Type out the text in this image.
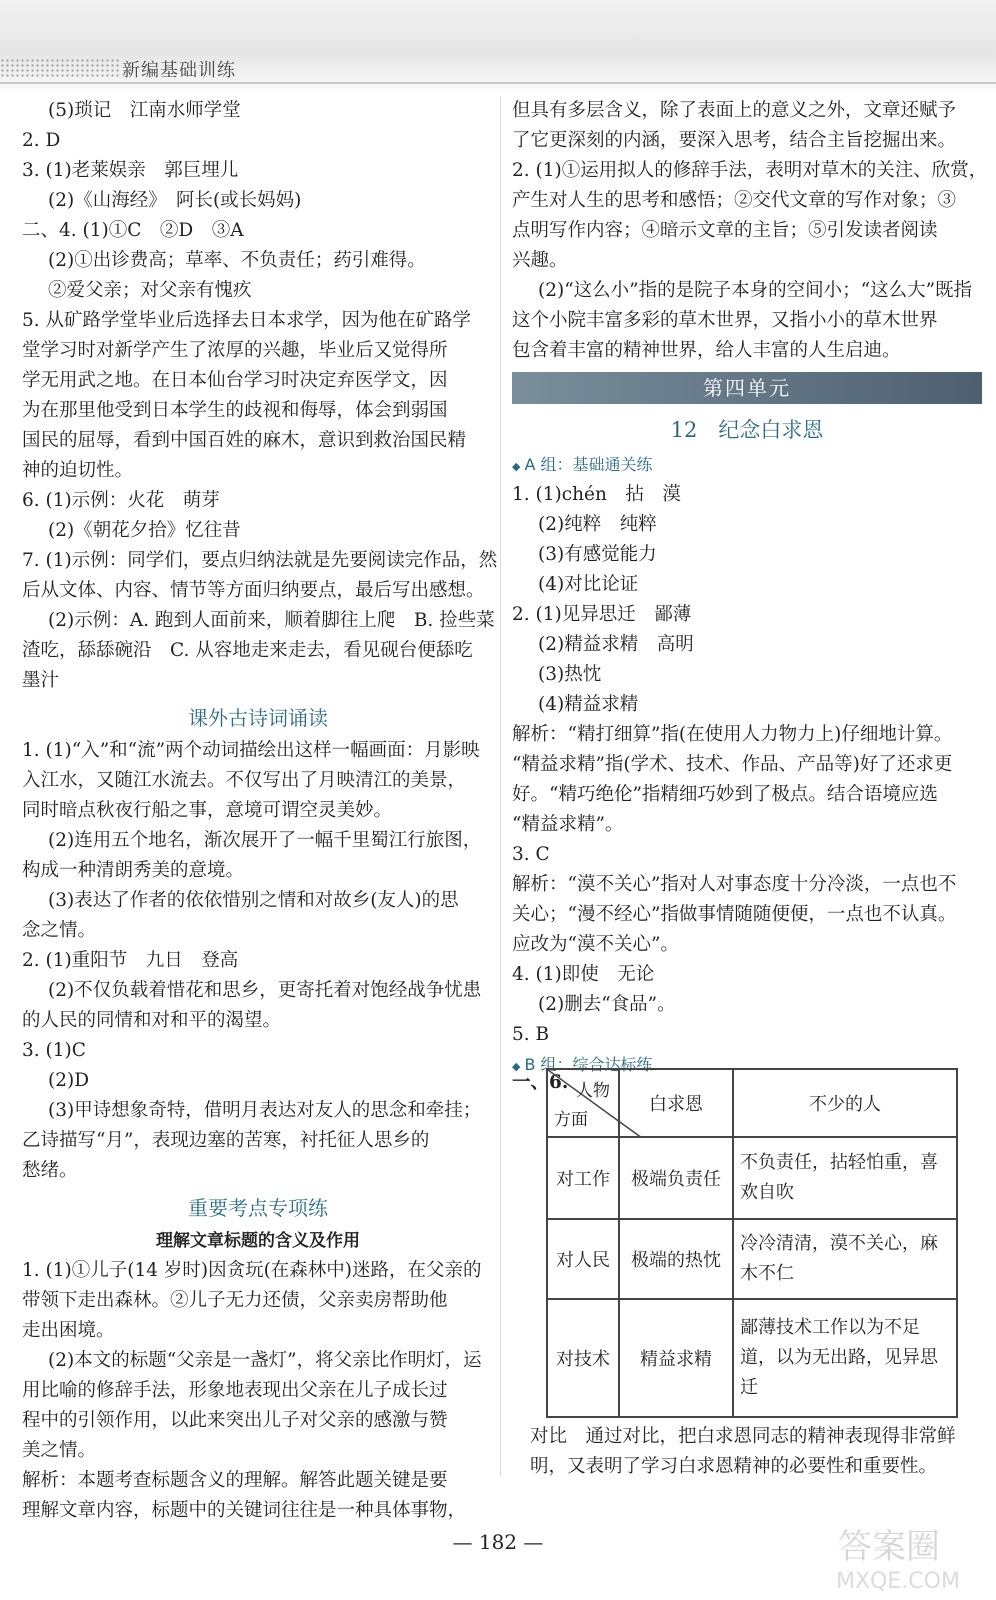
新编基础训练
(5)琐记　江南水师学堂
2. D
3. (1)老莱娱亲　郭巨埋儿
(2)《山海经》　阿长(或长妈妈)
二、4. (1)①C　②D　③A
(2)①出诊费高；草率、不负责任；药引难得。
②爱父亲；对父亲有愧疚
5. 从矿路学堂毕业后选择去日本求学，因为他在矿路学
堂学习时对新学产生了浓厚的兴趣，毕业后又觉得所
学无用武之地。在日本仙台学习时决定弃医学文，因
为在那里他受到日本学生的歧视和侮辱，体会到弱国
国民的屈辱，看到中国百姓的麻木，意识到救治国民精
神的迫切性。
6. (1)示例：火花　萌芽
(2)《朝花夕拾》忆往昔
7. (1)示例：同学们，要点归纳法就是先要阅读完作品，然
后从文体、内容、情节等方面归纳要点，最后写出感想。
(2)示例：A. 跑到人面前来，顺着脚往上爬　B. 捡些菜
渣吃，舔舔碗沿　C. 从容地走来走去，看见砚台便舔吃
墨汁
课外古诗词诵读
1. (1)“入”和“流”两个动词描绘出这样一幅画面：月影映
入江水，又随江水流去。不仅写出了月映清江的美景，
同时暗点秋夜行船之事，意境可谓空灵美妙。
(2)连用五个地名，渐次展开了一幅千里蜀江行旅图，
构成一种清朗秀美的意境。
(3)表达了作者的依依惜别之情和对故乡(友人)的思
念之情。
2. (1)重阳节　九日　登高
(2)不仅负载着惜花和思乡，更寄托着对饱经战争忧患
的人民的同情和对和平的渴望。
3. (1)C
(2)D
(3)甲诗想象奇特，借明月表达对友人的思念和牵挂；
乙诗描写“月”，表现边塞的苦寒，衬托征人思乡的
愁绪。
重要考点专项练
理解文章标题的含义及作用
1. (1)①儿子(14 岁时)因贪玩(在森林中)迷路，在父亲的
带领下走出森林。②儿子无力还债，父亲卖房帮助他
走出困境。
(2)本文的标题“父亲是一盏灯”，将父亲比作明灯，运
用比喻的修辞手法，形象地表现出父亲在儿子成长过
程中的引领作用，以此来突出儿子对父亲的感激与赞
美之情。
解析：本题考查标题含义的理解。解答此题关键是要
理解文章内容，标题中的关键词往往是一种具体事物，
但具有多层含义，除了表面上的意义之外，文章还赋予
了它更深刻的内涵，要深入思考，结合主旨挖掘出来。
2. (1)①运用拟人的修辞手法，表明对草木的关注、欣赏，
产生对人生的思考和感悟；②交代文章的写作对象；③
点明写作内容；④暗示文章的主旨；⑤引发读者阅读
兴趣。
(2)“这么小”指的是院子本身的空间小；“这么大”既指
这个小院丰富多彩的草木世界，又指小小的草木世界
包含着丰富的精神世界，给人丰富的人生启迪。
第四单元
12　纪念白求恩
◆ A 组：基础通关练
1. (1)chén　拈　漠
(2)纯粹　纯粹
(3)有感觉能力
(4)对比论证
2. (1)见异思迁　鄙薄
(2)精益求精　高明
(3)热忱
(4)精益求精
解析：“精打细算”指(在使用人力物力上)仔细地计算。
“精益求精”指(学术、技术、作品、产品等)好了还求更
好。“精巧绝伦”指精细巧妙到了极点。结合语境应选
“精益求精”。
3. C
解析：“漠不关心”指对人对事态度十分冷淡，一点也不
关心；“漫不经心”指做事情随随便便，一点也不认真。
应改为“漠不关心”。
4. (1)即使　无论
(2)删去“食品”。
5. B
◆ B 组：综合达标练
一、6. 人物
方面	白求恩	不少的人
对工作	极端负责任	不负责任，拈轻怕重，喜欢自吹
对人民	极端的热忱	冷冷清清，漠不关心，麻木不仁
对技术	精益求精	鄙薄技术工作以为不足道，以为无出路，见异思迁
对比　通过对比，把白求恩同志的精神表现得非常鲜明，又表明了学习白求恩精神的必要性和重要性。
— 182 —	答案圈
MXQE.COM
